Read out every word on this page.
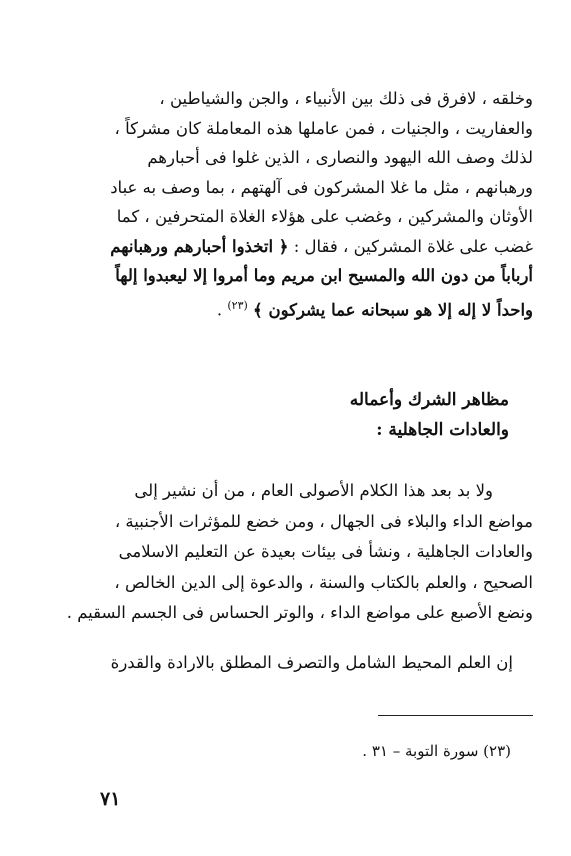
وخلقه ، لافرق فى ذلك بين الأنبياء ، والجن والشياطين ،
والعفاريت ، والجنيات ، فمن عاملها هذه المعاملة كان مشركاً ،
لذلك وصف الله اليهود والنصارى ، الذين غلوا فى أحبارهم
ورهبانهم ، مثل ما غلا المشركون فى آلهتهم ، بما وصف به عباد
الأوثان والمشركين ، وغضب على هؤلاء الغلاة المتحرفين ، كما
غضب على غلاة المشركين ، فقال : ﴿ اتخذوا أحبارهم ورهبانهم
أرباباً من دون الله والمسيح ابن مريم وما أمروا إلا ليعبدوا إلهاً
واحداً لا إله إلا هو سبحانه عما يشركون ﴾ $^{(٢٣)}$ .
مظاهر الشرك وأعماله
والعادات الجاهلية :
ولا بد بعد هذا الكلام الأصولى العام ، من أن نشير إلى
مواضع الداء والبلاء فى الجهال ، ومن خضع للمؤثرات الأجنبية ،
والعادات الجاهلية ، ونشأ فى بيئات بعيدة عن التعليم الاسلامى
الصحيح ، والعلم بالكتاب والسنة ، والدعوة إلى الدين الخالص ،
ونضع الأصبع على مواضع الداء ، والوتر الحساس فى الجسم السقيم .
إن العلم المحيط الشامل والتصرف المطلق بالارادة والقدرة
(٢٣) سورة التوبة – ٣١ .
٧١
